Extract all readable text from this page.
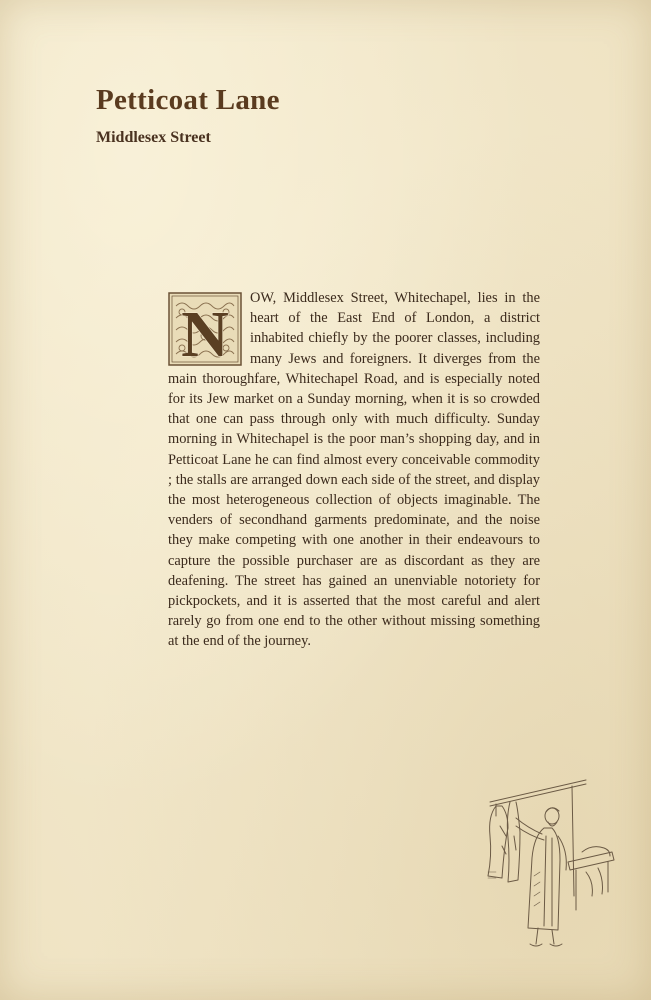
Petticoat Lane
Middlesex Street
N OW, Middlesex Street, Whitechapel, lies in the heart of the East End of London, a district inhabited chiefly by the poorer classes, including many Jews and foreigners. It diverges from the main thoroughfare, Whitechapel Road, and is especially noted for its Jew market on a Sunday morning, when it is so crowded that one can pass through only with much difficulty. Sunday morning in Whitechapel is the poor man’s shopping day, and in Petticoat Lane he can find almost every conceivable commodity ; the stalls are arranged down each side of the street, and display the most heterogeneous collection of objects imaginable. The venders of secondhand garments predominate, and the noise they make competing with one another in their endeavours to capture the possible purchaser are as discordant as they are deafening. The street has gained an unenviable notoriety for pickpockets, and it is asserted that the most careful and alert rarely go from one end to the other without missing something at the end of the journey.
